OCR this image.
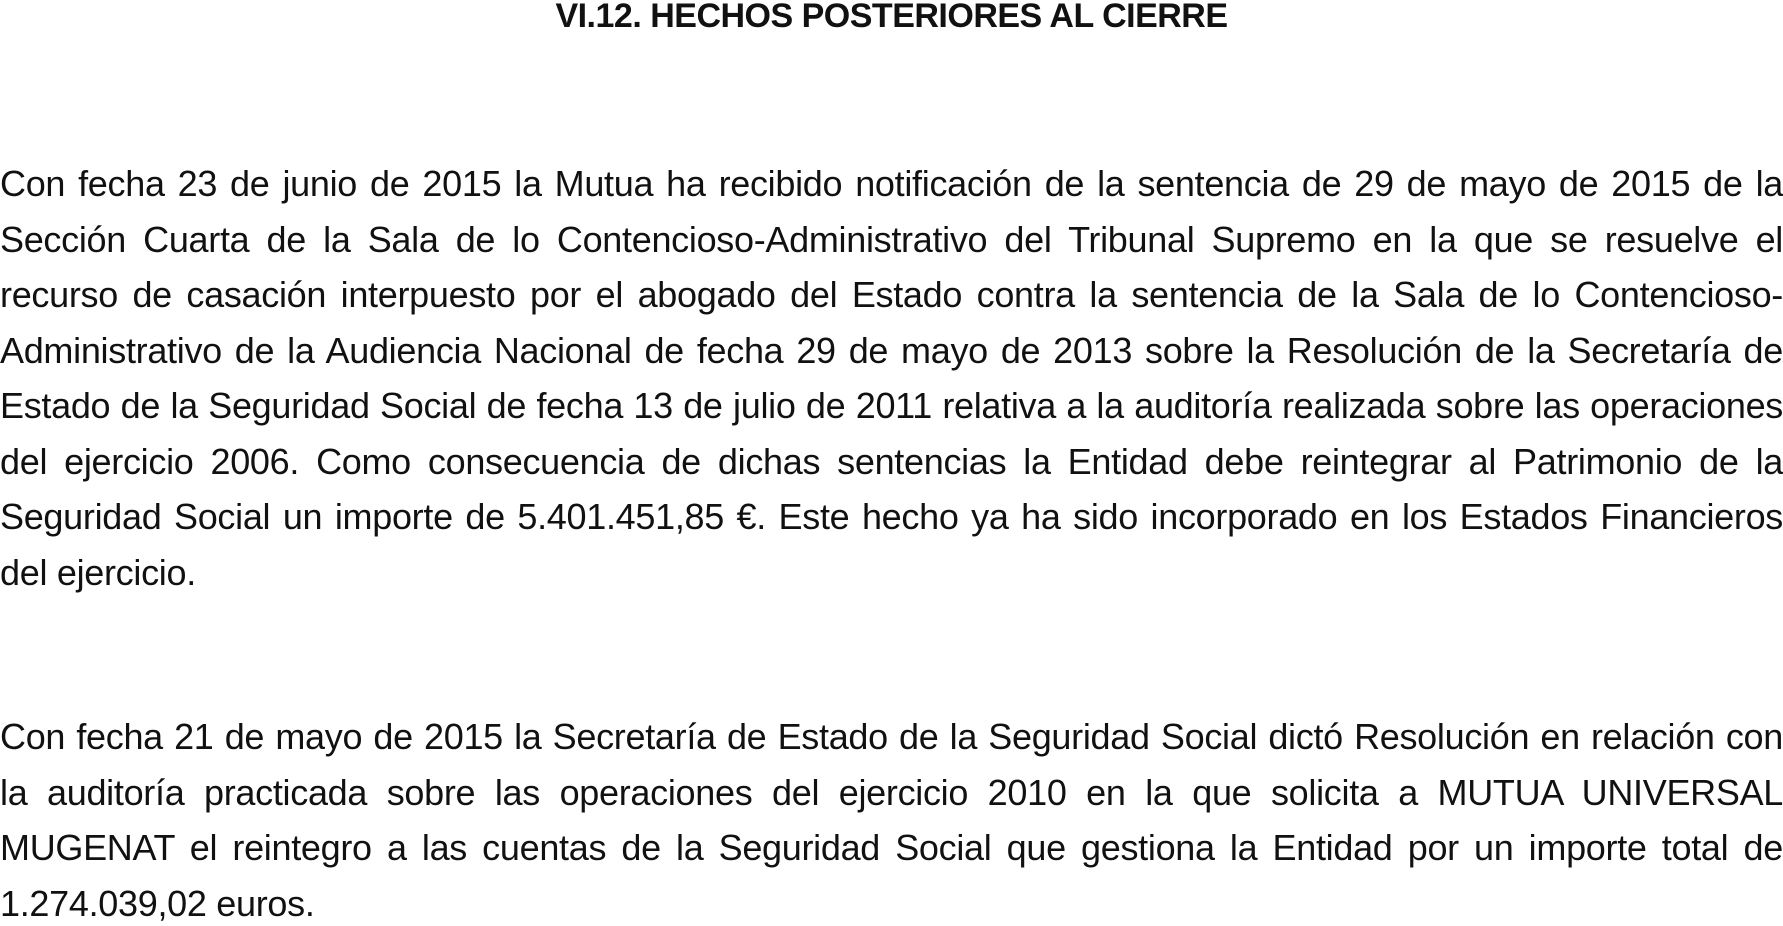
VI.12. HECHOS POSTERIORES AL CIERRE

Con fecha 23 de junio de 2015 la Mutua ha recibido notificación de la sentencia de 29 de mayo de 2015 de la Sección Cuarta de la Sala de lo Contencioso-Administrativo del Tribunal Supremo en la que se resuelve el recurso de casación interpuesto por el abogado del Estado contra la sentencia de la Sala de lo Contencioso-Administrativo de la Audiencia Nacional de fecha 29 de mayo de 2013 sobre la Resolución de la Secretaría de Estado de la Seguridad Social de fecha 13 de julio de 2011 relativa a la auditoría realizada sobre las operaciones del ejercicio 2006. Como consecuencia de dichas sentencias la Entidad debe reintegrar al Patrimonio de la Seguridad Social un importe de 5.401.451,85 €. Este hecho ya ha sido incorporado en los Estados Financieros del ejercicio.

Con fecha 21 de mayo de 2015 la Secretaría de Estado de la Seguridad Social dictó Resolución en relación con la auditoría practicada sobre las operaciones del ejercicio 2010 en la que solicita a MUTUA UNIVERSAL MUGENAT el reintegro a las cuentas de la Seguridad Social que gestiona la Entidad por un importe total de 1.274.039,02 euros.
